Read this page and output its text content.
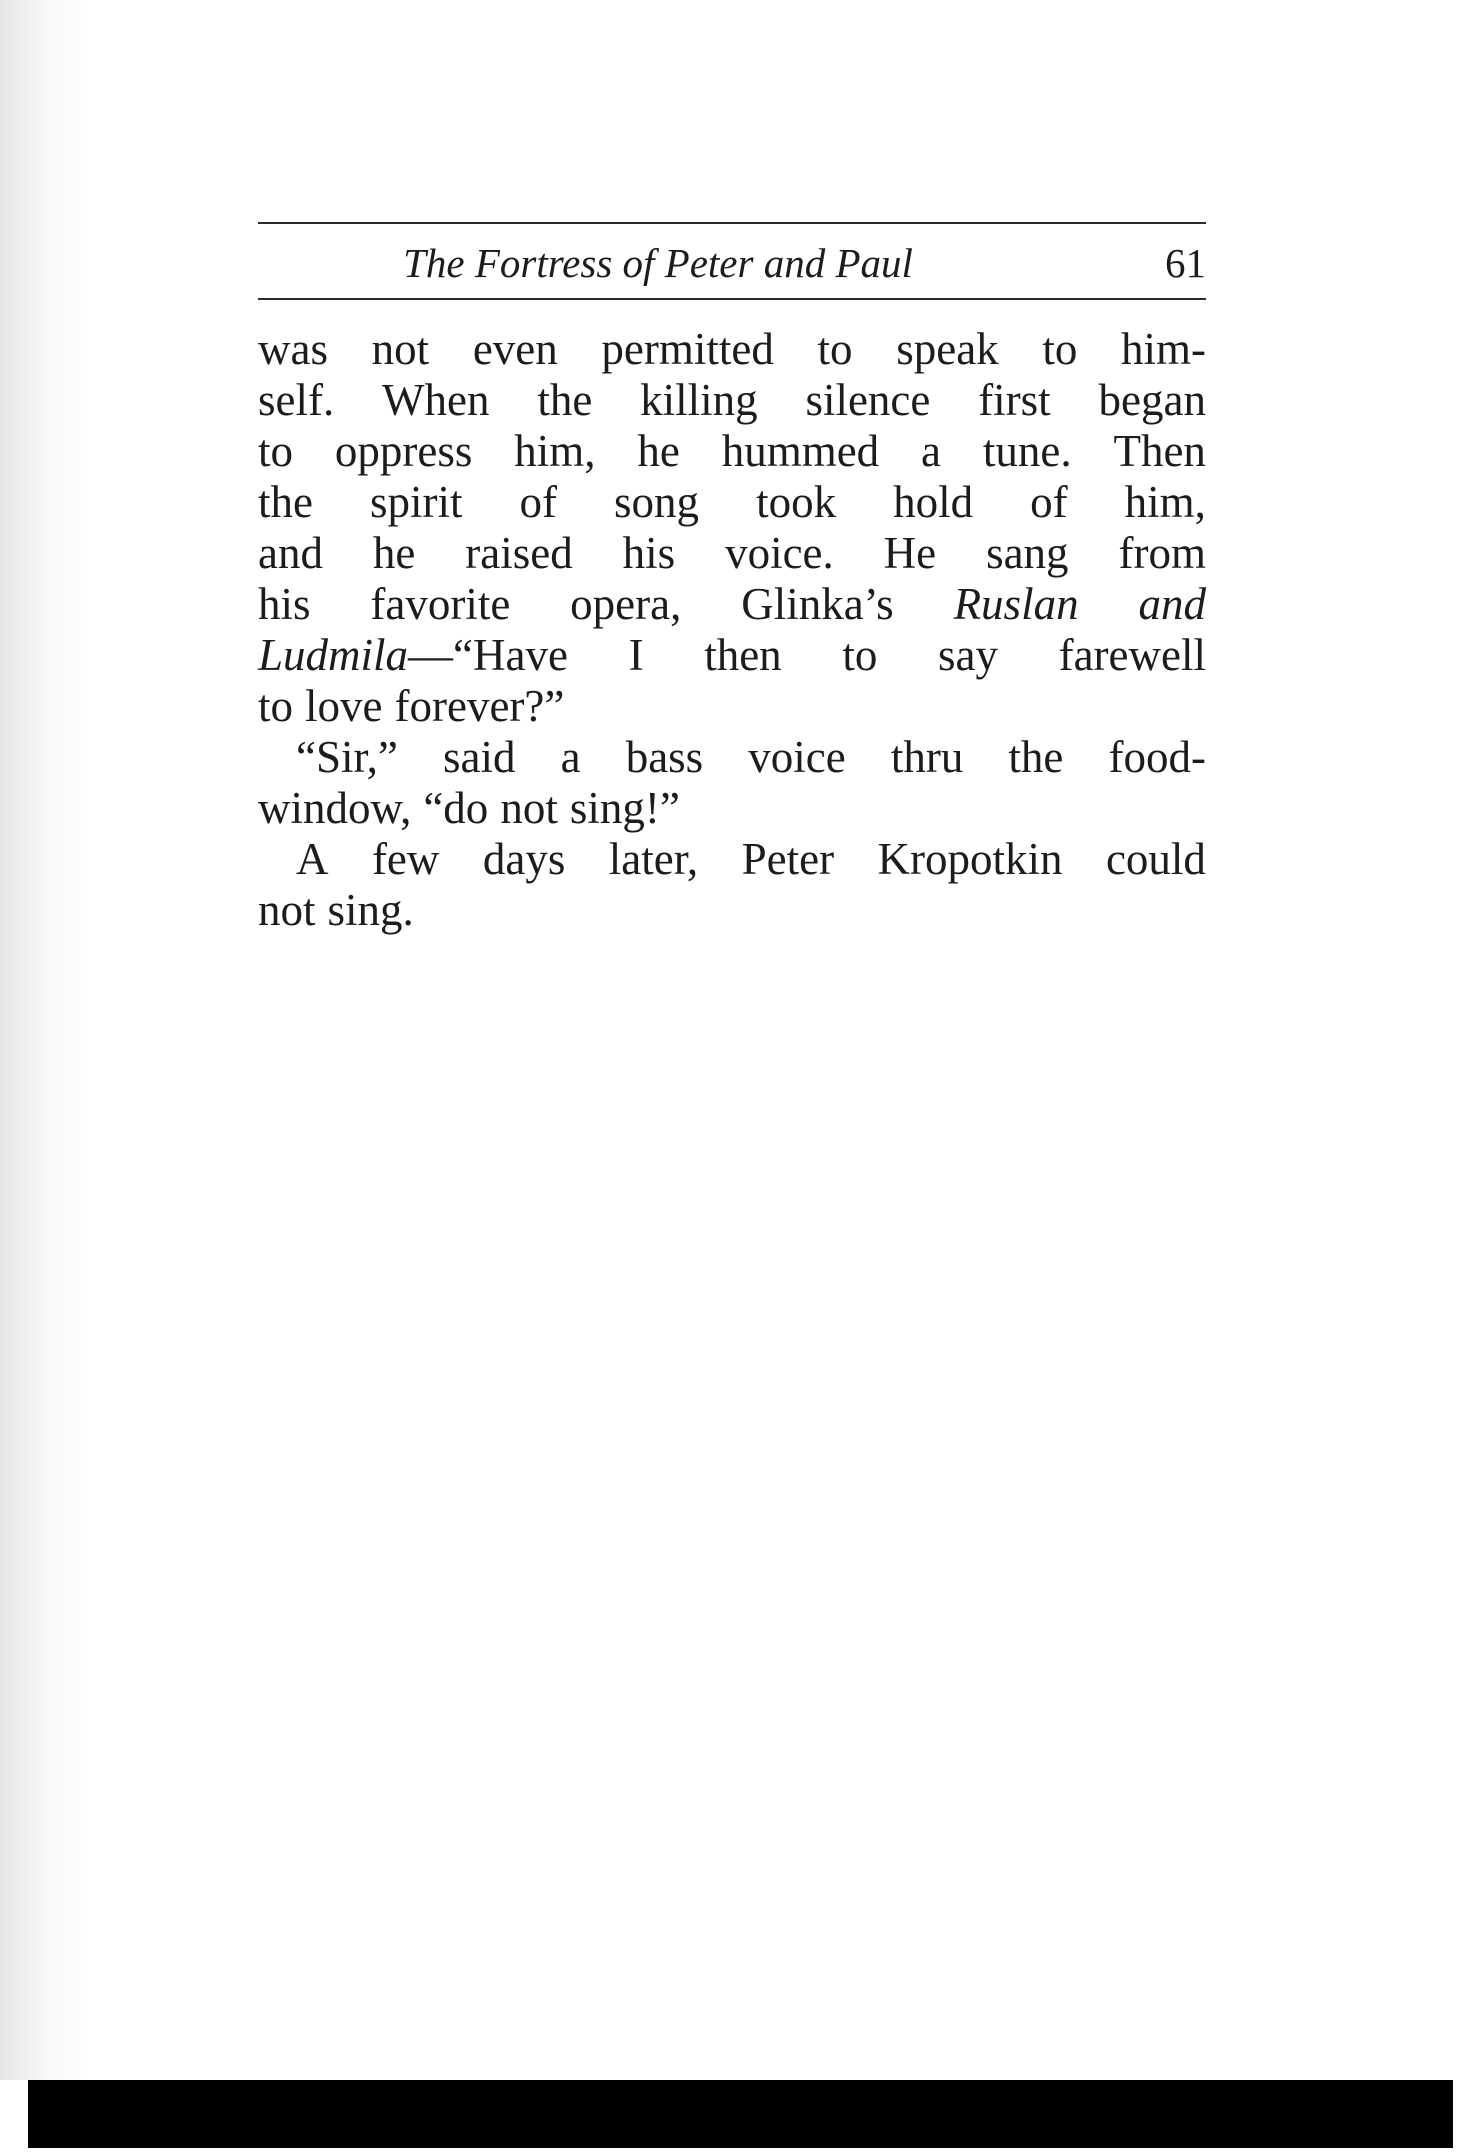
The Fortress of Peter and Paul	61
was not even permitted to speak to him-
self. When the killing silence first began
to oppress him, he hummed a tune. Then
the spirit of song took hold of him,
and he raised his voice. He sang from
his favorite opera, Glinka’s Ruslan and
Ludmila—“Have I then to say farewell
to love forever?”
“Sir,” said a bass voice thru the food-
window, “do not sing!”
A few days later, Peter Kropotkin could
not sing.
